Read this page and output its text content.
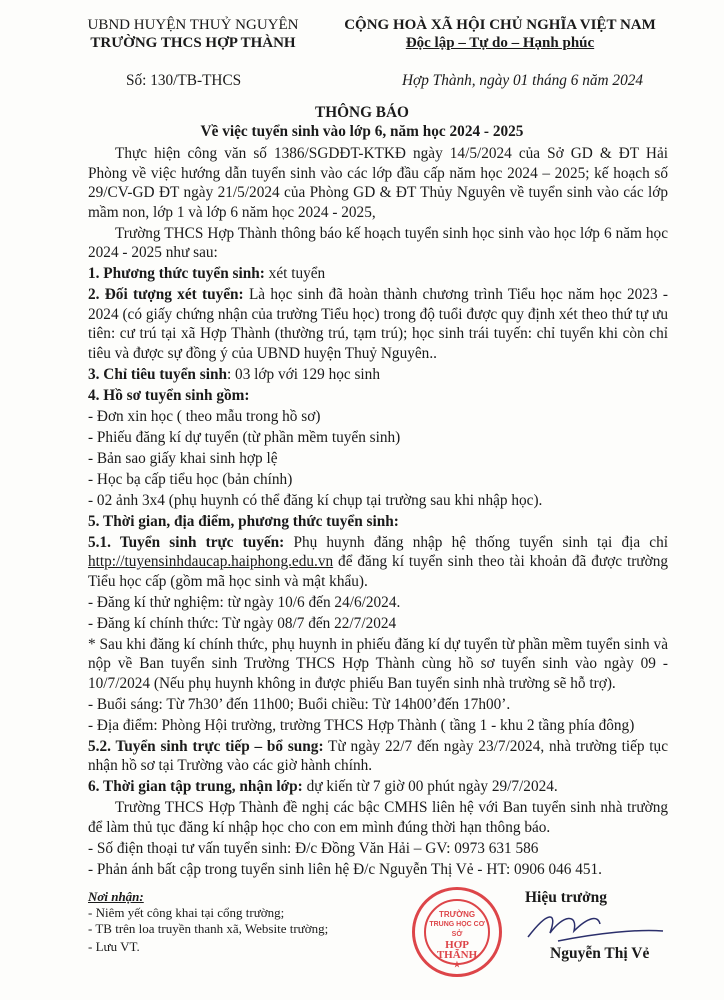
UBND HUYỆN THUỶ NGUYÊN
TRƯỜNG THCS HỢP THÀNH
CỘNG HOÀ XÃ HỘI CHỦ NGHĨA VIỆT NAM
Độc lập – Tự do – Hạnh phúc
Số: 130/TB-THCS	Hợp Thành, ngày 01 tháng 6 năm 2024
THÔNG BÁO
Về việc tuyển sinh vào lớp 6, năm học 2024 - 2025
Thực hiện công văn số 1386/SGDĐT-KTKĐ ngày 14/5/2024 của Sở GD & ĐT Hải Phòng về việc hướng dẫn tuyển sinh vào các lớp đầu cấp năm học 2024 – 2025; kế hoạch số 29/CV-GD ĐT ngày 21/5/2024 của Phòng GD & ĐT Thủy Nguyên về tuyển sinh vào các lớp mầm non, lớp 1 và lớp 6 năm học 2024 - 2025,
Trường THCS Hợp Thành thông báo kế hoạch tuyển sinh học sinh vào học lớp 6 năm học 2024 - 2025 như sau:
1. Phương thức tuyển sinh: xét tuyển
2. Đối tượng xét tuyển: Là học sinh đã hoàn thành chương trình Tiểu học năm học 2023 - 2024 (có giấy chứng nhận của trường Tiểu học) trong độ tuổi được quy định xét theo thứ tự ưu tiên: cư trú tại xã Hợp Thành (thường trú, tạm trú); học sinh trái tuyến: chỉ tuyển khi còn chỉ tiêu và được sự đồng ý của UBND huyện Thuỷ Nguyên..
3. Chỉ tiêu tuyển sinh: 03 lớp với 129 học sinh
4. Hồ sơ tuyển sinh gồm:
- Đơn xin học ( theo mẫu trong hồ sơ)
- Phiếu đăng kí dự tuyển (từ phần mềm tuyển sinh)
- Bản sao giấy khai sinh hợp lệ
- Học bạ cấp tiểu học (bản chính)
- 02 ảnh 3x4 (phụ huynh có thể đăng kí chụp tại trường sau khi nhập học).
5. Thời gian, địa điểm, phương thức tuyển sinh:
5.1. Tuyển sinh trực tuyến: Phụ huynh đăng nhập hệ thống tuyển sinh tại địa chỉ http://tuyensinhdaucap.haiphong.edu.vn để đăng kí tuyển sinh theo tài khoản đã được trường Tiểu học cấp (gồm mã học sinh và mật khẩu).
- Đăng kí thử nghiệm: từ ngày 10/6 đến 24/6/2024.
- Đăng kí chính thức: Từ ngày 08/7 đến 22/7/2024
* Sau khi đăng kí chính thức, phụ huynh in phiếu đăng kí dự tuyển từ phần mềm tuyển sinh và nộp về Ban tuyển sinh Trường THCS Hợp Thành cùng hồ sơ tuyển sinh vào ngày 09 - 10/7/2024 (Nếu phụ huynh không in được phiếu Ban tuyển sinh nhà trường sẽ hỗ trợ).
- Buổi sáng: Từ 7h30’ đến 11h00; Buổi chiều: Từ 14h00’đến 17h00’.
- Địa điểm: Phòng Hội trường, trường THCS Hợp Thành ( tầng 1 - khu 2 tầng phía đông)
5.2. Tuyển sinh trực tiếp – bổ sung: Từ ngày 22/7 đến ngày 23/7/2024, nhà trường tiếp tục nhận hồ sơ tại Trường vào các giờ hành chính.
6. Thời gian tập trung, nhận lớp: dự kiến từ 7 giờ 00 phút ngày 29/7/2024.
Trường THCS Hợp Thành đề nghị các bậc CMHS liên hệ với Ban tuyển sinh nhà trường để làm thủ tục đăng kí nhập học cho con em mình đúng thời hạn thông báo.
- Số điện thoại tư vấn tuyển sinh: Đ/c Đồng Văn Hải – GV: 0973 631 586
- Phản ánh bất cập trong tuyển sinh liên hệ Đ/c Nguyễn Thị Vẻ - HT: 0906 046 451.
Nơi nhận:
- Niêm yết công khai tại cổng trường;
- TB trên loa truyền thanh xã, Website trường;
- Lưu VT.
TRƯỜNG
TRUNG HỌC CƠ SỞ
HỢP THÀNH
★
Hiệu trưởng
Nguyễn Thị Vẻ
